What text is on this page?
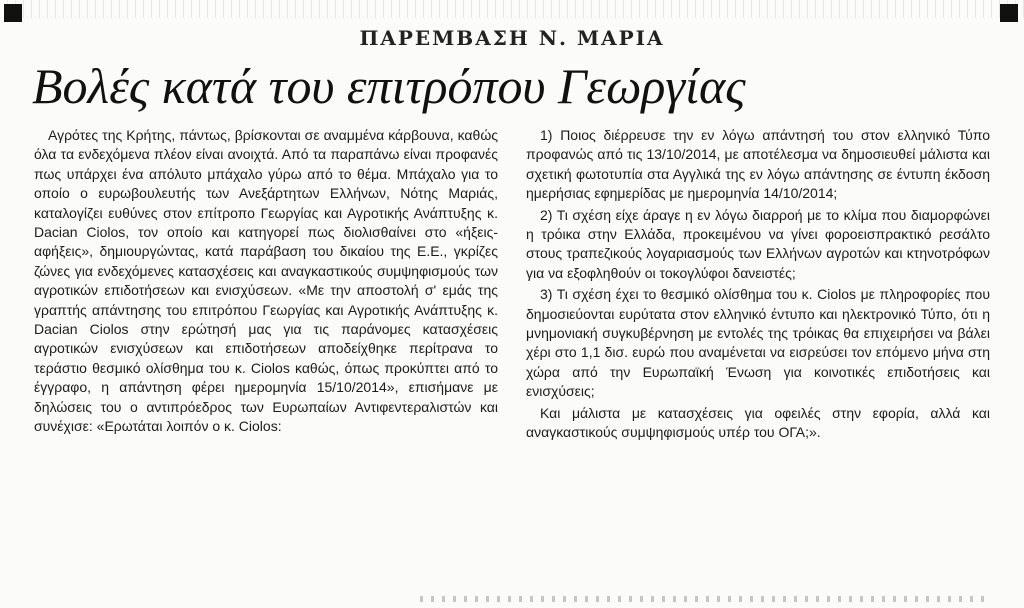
ΠΑΡΕΜΒΑΣΗ Ν. ΜΑΡΙΑ
Βολές κατά του επιτρόπου Γεωργίας

Αγρότες της Κρήτης, πάντως, βρίσκονται σε αναμμένα κάρβουνα, καθώς όλα τα ενδεχόμενα πλέον είναι ανοιχτά. Από τα παραπάνω είναι προφανές πως υπάρχει ένα απόλυτο μπάχαλο γύρω από το θέμα. Μπάχαλο για το οποίο ο ευρωβουλευτής των Ανεξάρτητων Ελλήνων, Νότης Μαριάς, καταλογίζει ευθύνες στον επίτροπο Γεωργίας και Αγροτικής Ανάπτυξης κ. Dacian Ciolos, τον οποίο και κατηγορεί πως διολισθαίνει στο «ήξεις-αφήξεις», δημιουργώντας, κατά παράβαση του δικαίου της Ε.Ε., γκρίζες ζώνες για ενδεχόμενες κατασχέσεις και αναγκαστικούς συμψηφισμούς των αγροτικών επιδοτήσεων και ενισχύσεων. «Με την αποστολή σ' εμάς της γραπτής απάντησης του επιτρόπου Γεωργίας και Αγροτικής Ανάπτυξης κ. Dacian Ciolos στην ερώτησή μας για τις παράνομες κατασχέσεις αγροτικών ενισχύσεων και επιδοτήσεων αποδείχθηκε περίτρανα το τεράστιο θεσμικό ολίσθημα του κ. Ciolos καθώς, όπως προκύπτει από το έγγραφο, η απάντηση φέρει ημερομηνία 15/10/2014», επισήμανε με δηλώσεις του ο αντιπρόεδρος των Ευρωπαίων Αντιφεντεραλιστών και συνέχισε: «Ερωτάται λοιπόν ο κ. Ciolos:

1) Ποιος διέρρευσε την εν λόγω απάντησή του στον ελληνικό Τύπο προφανώς από τις 13/10/2014, με αποτέλεσμα να δημοσιευθεί μάλιστα και σχετική φωτοτυπία στα Αγγλικά της εν λόγω απάντησης σε έντυπη έκδοση ημερήσιας εφημερίδας με ημερομηνία 14/10/2014;

2) Τι σχέση είχε άραγε η εν λόγω διαρροή με το κλίμα που διαμορφώνει η τρόικα στην Ελλάδα, προκειμένου να γίνει φοροεισπρακτικό ρεσάλτο στους τραπεζικούς λογαριασμούς των Ελλήνων αγροτών και κτηνοτρόφων για να εξοφληθούν οι τοκογλύφοι δανειστές;

3) Τι σχέση έχει το θεσμικό ολίσθημα του κ. Ciolos με πληροφορίες που δημοσιεύονται ευρύτατα στον ελληνικό έντυπο και ηλεκτρονικό Τύπο, ότι η μνημονιακή συγκυβέρνηση με εντολές της τρόικας θα επιχειρήσει να βάλει χέρι στο 1,1 δισ. ευρώ που αναμένεται να εισρεύσει τον επόμενο μήνα στη χώρα από την Ευρωπαϊκή Ένωση για κοινοτικές επιδοτήσεις και ενισχύσεις;

Και μάλιστα με κατασχέσεις για οφειλές στην εφορία, αλλά και αναγκαστικούς συμψηφισμούς υπέρ του ΟΓΑ;».
